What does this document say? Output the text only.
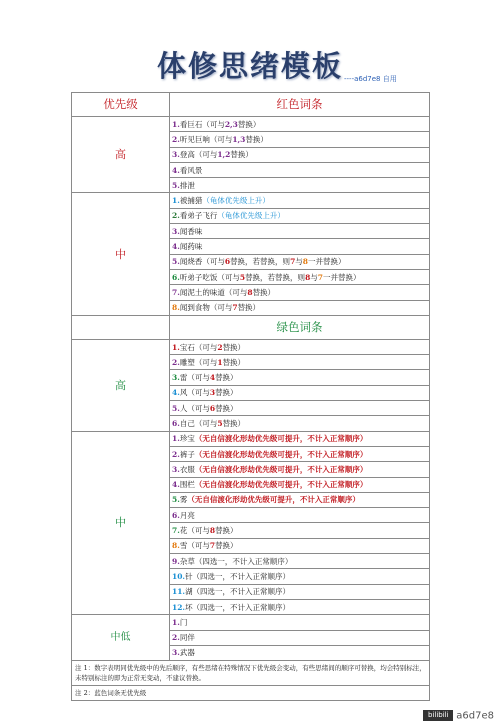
体修思绪模板 ----a6d7e8 自用
优先级	红色词条
高	1.看巨石（可与2,3替换）
	2.听见巨响（可与1,3替换）
	3.登高（可与1,2替换）
	4.看风景
	5.排泄
中	1.被捕猎（龟体优先级上升）
	2.看弟子飞行（龟体优先级上升）
	3.闻香味
	4.闻药味
	5.闻烧香（可与6替换，若替换，则7与8一并替换）
	6.听弟子吃饭（可与5替换，若替换，则8与7一并替换）
	7.闻泥土的味道（可与8替换）
	8.闻到食物（可与7替换）
	绿色词条
高	1.宝石（可与2替换）
	2.雕塑（可与1替换）
	3.雷（可与4替换）
	4.风（可与3替换）
	5.人（可与6替换）
	6.自己（可与5替换）
中	1.珍宝（无自信渡化形劫优先级可提升，不计入正常顺序）
	2.裤子（无自信渡化形劫优先级可提升，不计入正常顺序）
	3.衣服（无自信渡化形劫优先级可提升，不计入正常顺序）
	4.围栏（无自信渡化形劫优先级可提升，不计入正常顺序）
	5.雾（无自信渡化形劫优先级可提升，不计入正常顺序）
	6.月亮
	7.花（可与8替换）
	8.雪（可与7替换）
	9.杂草（四选一，不计入正常顺序）
	10.针（四选一，不计入正常顺序）
	11.湖（四选一，不计入正常顺序）
	12.坏（四选一，不计入正常顺序）
中低	1.门
	2.同伴
	3.武器
注 1：数字表明同优先级中的先后顺序，有些思绪在特殊情况下优先级会变动，有些思绪间的顺序可替换，均会特别标注，未特别标注的即为正常无变动，不建议替换。	
注 2：蓝色词条无优先级	
bilibili a6d7e8
